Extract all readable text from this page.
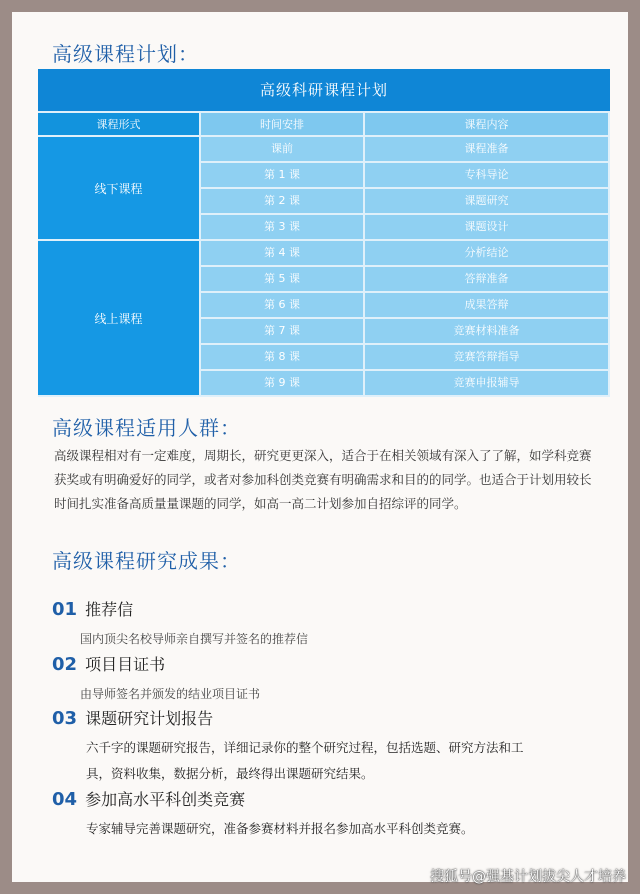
高级课程计划：
高级科研课程计划
课程形式	时间安排	课程内容
线下课程
课前	课程准备
第 1 课	专科导论
第 2 课	课题研究
第 3 课	课题设计
线上课程
第 4 课	分析结论
第 5 课	答辩准备
第 6 课	成果答辩
第 7 课	竞赛材料准备
第 8 课	竞赛答辩指导
第 9 课	竞赛申报辅导
高级课程适用人群：

高级课程相对有一定难度，周期长，研究更更深入，适合于在相关领域有深入了了解，如学科竞赛获奖或有明确爱好的同学，或者对参加科创类竞赛有明确需求和目的的同学。也适合于计划用较长时间扎实准备高质量量课题的同学，如高一高二计划参加自招综评的同学。

高级课程研究成果：
01 推荐信
国内顶尖名校导师亲自撰写并签名的推荐信
02 项目目证书
由导师签名并颁发的结业项目证书
03 课题研究计划报告
六千字的课题研究报告，详细记录你的整个研究过程，包括选题、研究方法和工具，资料收集，数据分析，最终得出课题研究结果。
04 参加高水平科创类竞赛
专家辅导完善课题研究，准备参赛材料并报名参加高水平科创类竞赛。
搜狐号@强基计划拔尖人才培养
